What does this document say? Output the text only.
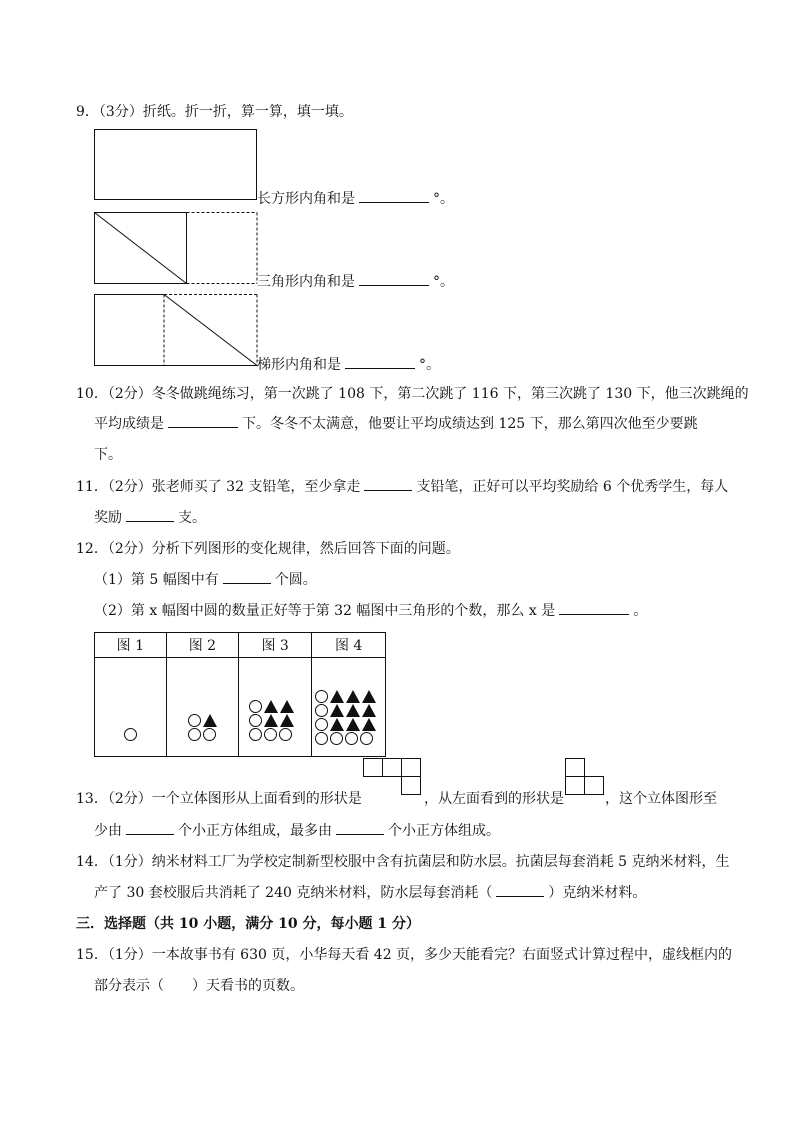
9．（3分）折纸。折一折，算一算，填一填。
长方形内角和是	°。
三角形内角和是	°。
梯形内角和是	°。
10．（2分）冬冬做跳绳练习，第一次跳了 108 下，第二次跳了 116 下，第三次跳了 130 下，他三次跳绳的
平均成绩是	下。冬冬不太满意，他要让平均成绩达到 125 下，那么第四次他至少要跳
下。
11．（2分）张老师买了 32 支铅笔，至少拿走	支铅笔，正好可以平均奖励给 6 个优秀学生，每人
奖励	支。
12．（2分）分析下列图形的变化规律，然后回答下面的问题。
（1）第 5 幅图中有	个圆。
（2）第 x 幅图中圆的数量正好等于第 32 幅图中三角形的个数，那么 x 是	。
图 1	图 2	图 3	图 4

13．（2分）一个立体图形从上面看到的形状是	，从左面看到的形状是	，这个立体图形至
少由	个小正方体组成，最多由	个小正方体组成。
14．（1分）纳米材料工厂为学校定制新型校服中含有抗菌层和防水层。抗菌层每套消耗 5 克纳米材料，生
产了 30 套校服后共消耗了 240 克纳米材料，防水层每套消耗（	）克纳米材料。
三．选择题（共 10 小题，满分 10 分，每小题 1 分）
15．（1分）一本故事书有 630 页，小华每天看 42 页，多少天能看完？右面竖式计算过程中，虚线框内的
部分表示（　　）天看书的页数。
